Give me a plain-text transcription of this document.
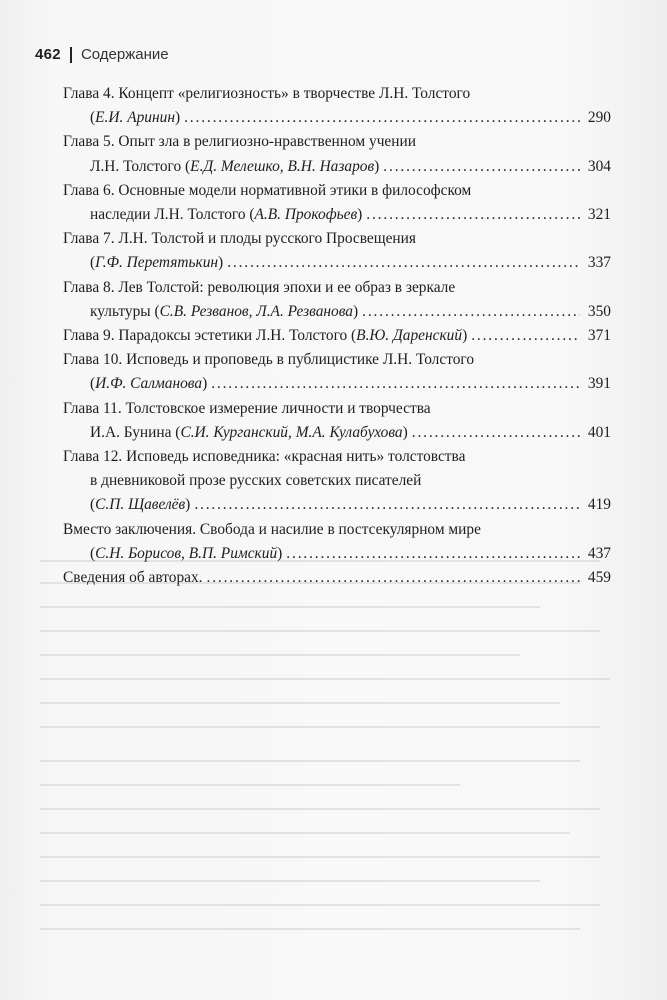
462 Содержание
Глава 4. Концепт «религиозность» в творчестве Л.Н. Толстого
(Е.И. Аринин) . . .	290
Глава 5. Опыт зла в религиозно-нравственном учении
Л.Н. Толстого (Е.Д. Мелешко, В.Н. Назаров) . . .	304
Глава 6. Основные модели нормативной этики в философском
наследии Л.Н. Толстого (А.В. Прокофьев) . . .	321
Глава 7. Л.Н. Толстой и плоды русского Просвещения
(Г.Ф. Перетятькин) . . .	337
Глава 8. Лев Толстой: революция эпохи и ее образ в зеркале
культуры (С.В. Резванов, Л.А. Резванова) . . .	350
Глава 9. Парадоксы эстетики Л.Н. Толстого (В.Ю. Даренский) . . .	371
Глава 10. Исповедь и проповедь в публицистике Л.Н. Толстого
(И.Ф. Салманова) . . .	391
Глава 11. Толстовское измерение личности и творчества
И.А. Бунина (С.И. Курганский, М.А. Кулабухова) . . .	401
Глава 12. Исповедь исповедника: «красная нить» толстовства
в дневниковой прозе русских советских писателей
(С.П. Щавелёв) . . .	419
Вместо заключения. Свобода и насилие в постсекулярном мире
(С.Н. Борисов, В.П. Римский) . . .	437
Сведения об авторах. . . .	459
